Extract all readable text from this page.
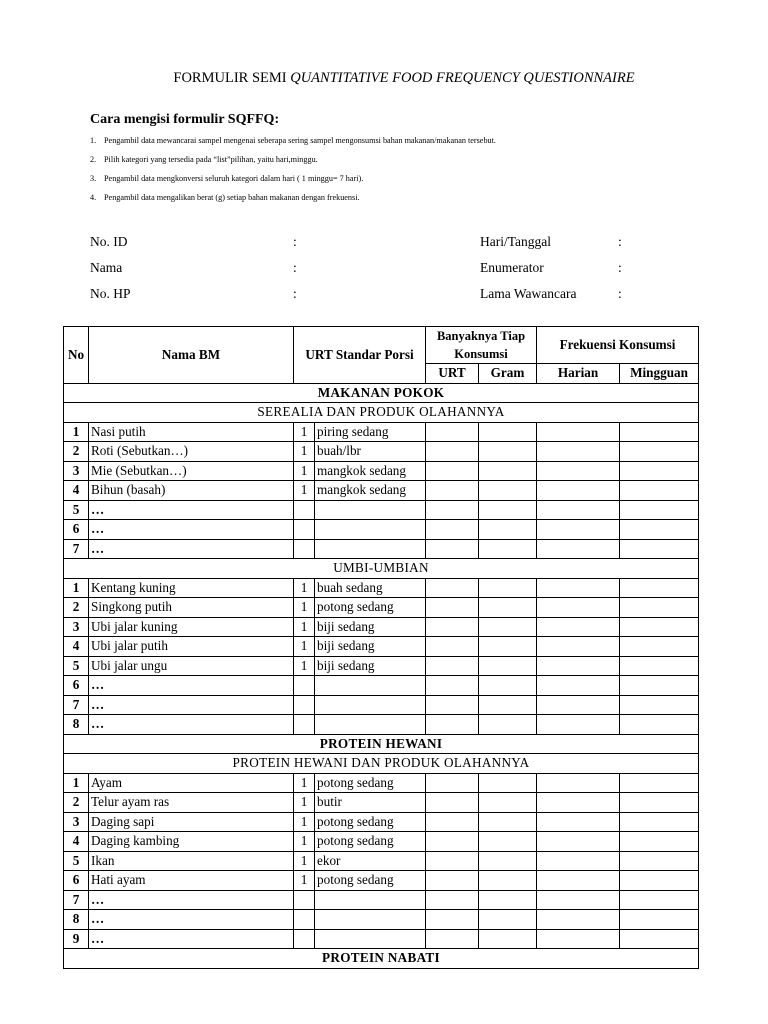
FORMULIR SEMI QUANTITATIVE FOOD FREQUENCY QUESTIONNAIRE
Cara mengisi formulir SQFFQ:
1. Pengambil data mewancarai sampel mengenai seberapa sering sampel mengonsumsi bahan makanan/makanan tersebut.
2. Pilih kategori yang tersedia pada “list”pilihan, yaitu hari,minggu.
3. Pengambil data mengkonversi seluruh kategori dalam hari ( 1 minggu= 7 hari).
4. Pengambil data mengalikan berat (g) setiap bahan makanan dengan frekuensi.
No. ID	:
Nama	:
No. HP	:
Hari/Tanggal	:
Enumerator	:
Lama Wawancara	:
No	Nama BM	URT Standar Porsi		Banyaknya Tiap Konsumsi		Frekuensi Konsumsi	
				URT	Gram	Harian	Mingguan
MAKANAN POKOK							
SEREALIA DAN PRODUK OLAHANNYA							
1	Nasi putih	1	piring sedang				
2	Roti (Sebutkan…)	1	buah/lbr				
3	Mie (Sebutkan…)	1	mangkok sedang				
4	Bihun (basah)	1	mangkok sedang				
5	…						
6	…						
7	…						
UMBI-UMBIAN							
1	Kentang kuning	1	buah sedang				
2	Singkong putih	1	potong sedang				
3	Ubi jalar kuning	1	biji sedang				
4	Ubi jalar putih	1	biji sedang				
5	Ubi jalar ungu	1	biji sedang				
6	…						
7	…						
8	…						
PROTEIN HEWANI							
PROTEIN HEWANI DAN PRODUK OLAHANNYA							
1	Ayam	1	potong sedang				
2	Telur ayam ras	1	butir				
3	Daging sapi	1	potong sedang				
4	Daging kambing	1	potong sedang				
5	Ikan	1	ekor				
6	Hati ayam	1	potong sedang				
7	…						
8	…						
9	…						
PROTEIN NABATI							
